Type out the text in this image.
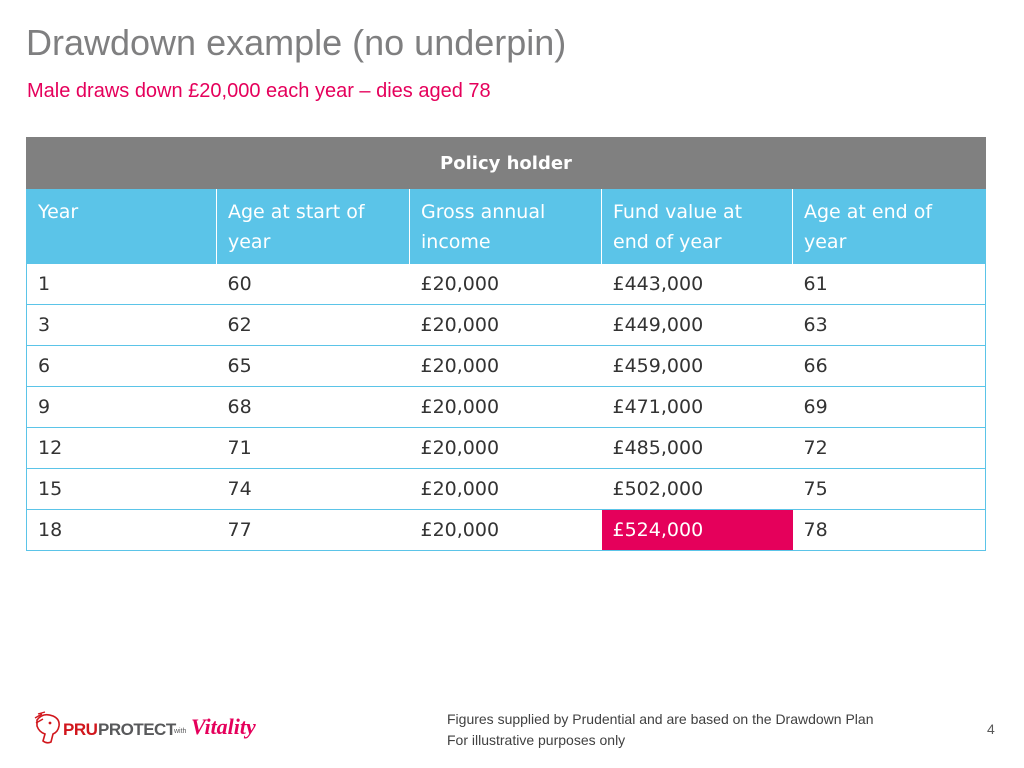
Drawdown example (no underpin)
Male draws down £20,000 each year – dies aged 78
Policy holder				
Year	Age at start of year	Gross annual income	Fund value at end of year	Age at end of year
1	60	£20,000	£443,000	61
3	62	£20,000	£449,000	63
6	65	£20,000	£459,000	66
9	68	£20,000	£471,000	69
12	71	£20,000	£485,000	72
15	74	£20,000	£502,000	75
18	77	£20,000	£524,000	78
PRU PROTECT
with Vitality	Figures supplied by Prudential and are based on the Drawdown Plan
For illustrative purposes only
4
